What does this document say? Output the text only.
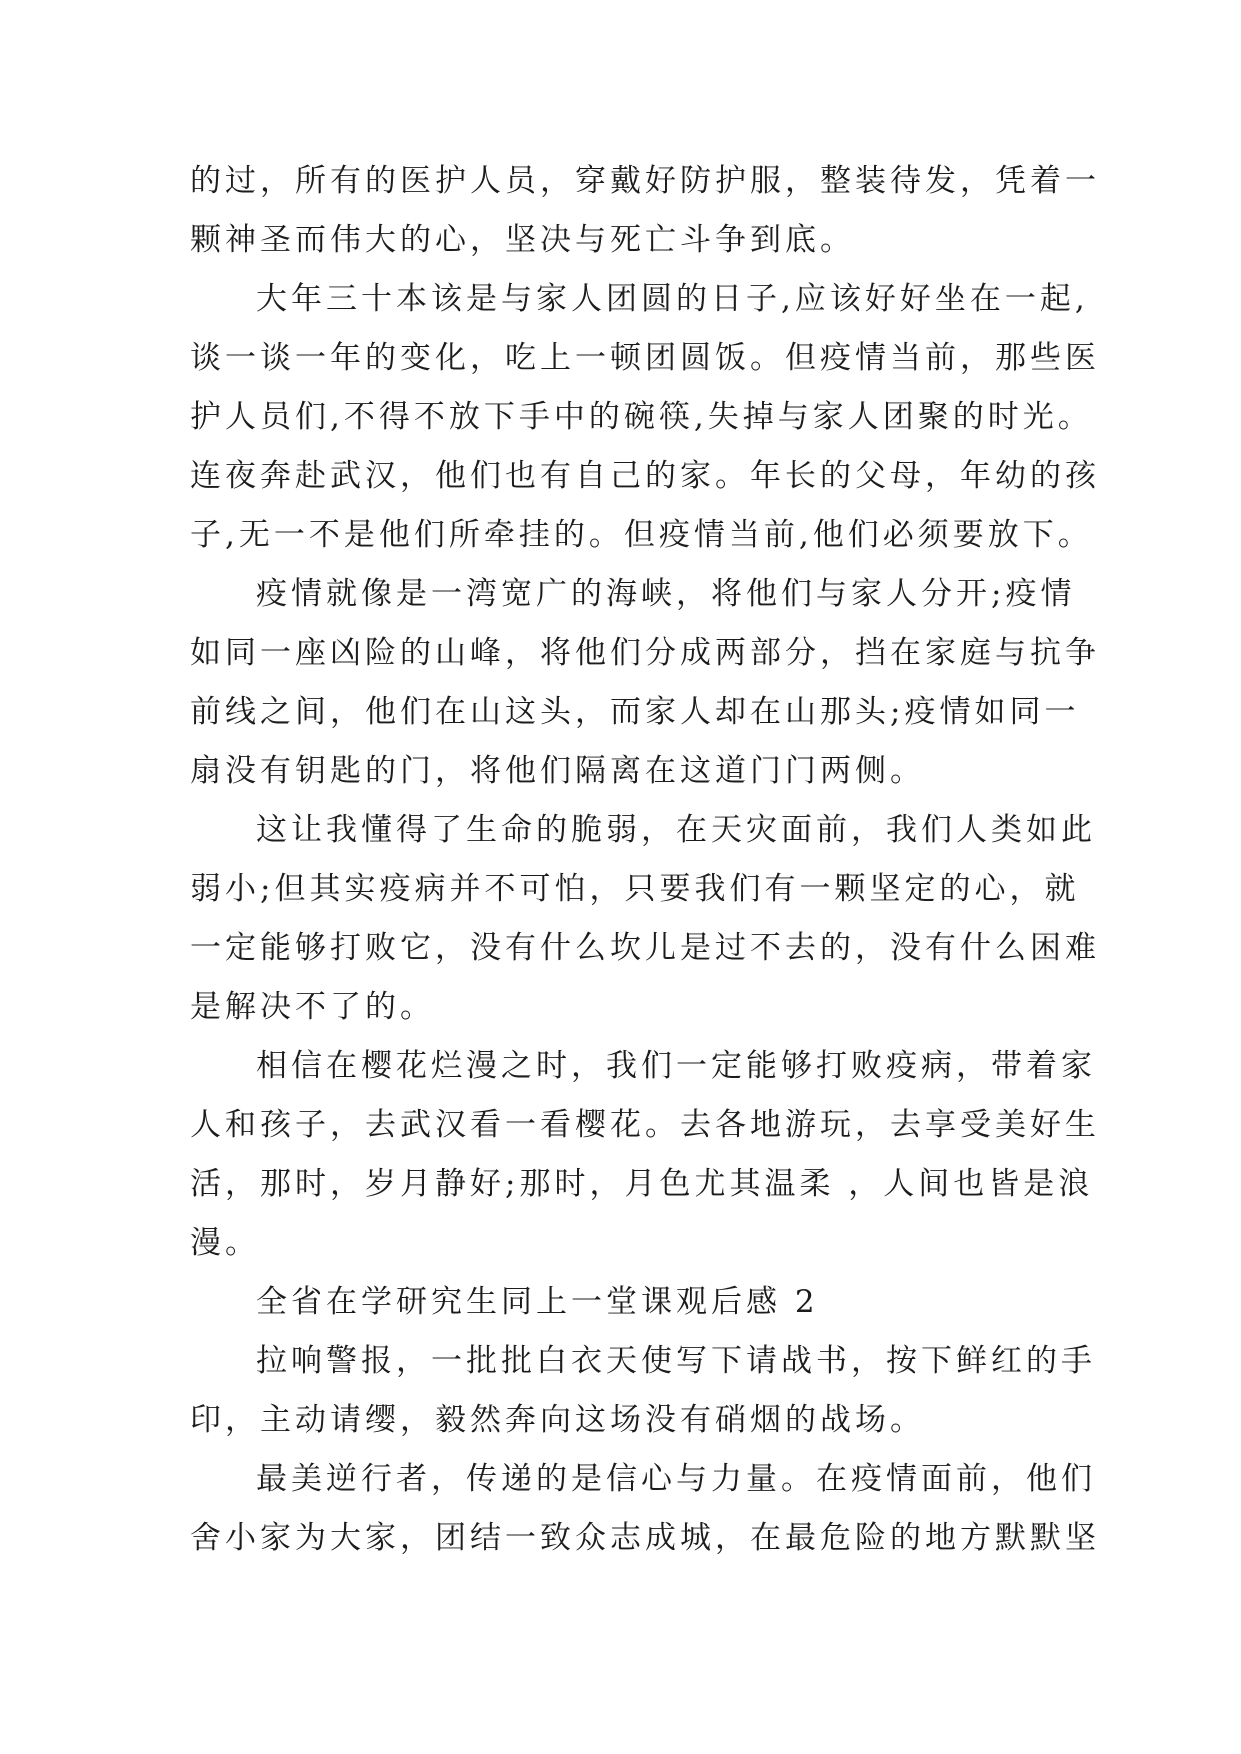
的过，所有的医护人员，穿戴好防护服，整装待发，凭着一
颗神圣而伟大的心，坚决与死亡斗争到底。
大年三十本该是与家人团圆的日子,应该好好坐在一起,
谈一谈一年的变化，吃上一顿团圆饭。但疫情当前，那些医
护人员们,不得不放下手中的碗筷,失掉与家人团聚的时光。
连夜奔赴武汉，他们也有自己的家。年长的父母，年幼的孩
子,无一不是他们所牵挂的。但疫情当前,他们必须要放下。
疫情就像是一湾宽广的海峡，将他们与家人分开;疫情
如同一座凶险的山峰，将他们分成两部分，挡在家庭与抗争
前线之间，他们在山这头，而家人却在山那头;疫情如同一
扇没有钥匙的门，将他们隔离在这道门门两侧。
这让我懂得了生命的脆弱，在天灾面前，我们人类如此
弱小;但其实疫病并不可怕，只要我们有一颗坚定的心，就
一定能够打败它，没有什么坎儿是过不去的，没有什么困难
是解决不了的。
相信在樱花烂漫之时，我们一定能够打败疫病，带着家
人和孩子，去武汉看一看樱花。去各地游玩，去享受美好生
活，那时，岁月静好;那时，月色尤其温柔 ，人间也皆是浪
漫。
全省在学研究生同上一堂课观后感 2
拉响警报，一批批白衣天使写下请战书，按下鲜红的手
印，主动请缨，毅然奔向这场没有硝烟的战场。
最美逆行者，传递的是信心与力量。在疫情面前，他们
舍小家为大家，团结一致众志成城，在最危险的地方默默坚
